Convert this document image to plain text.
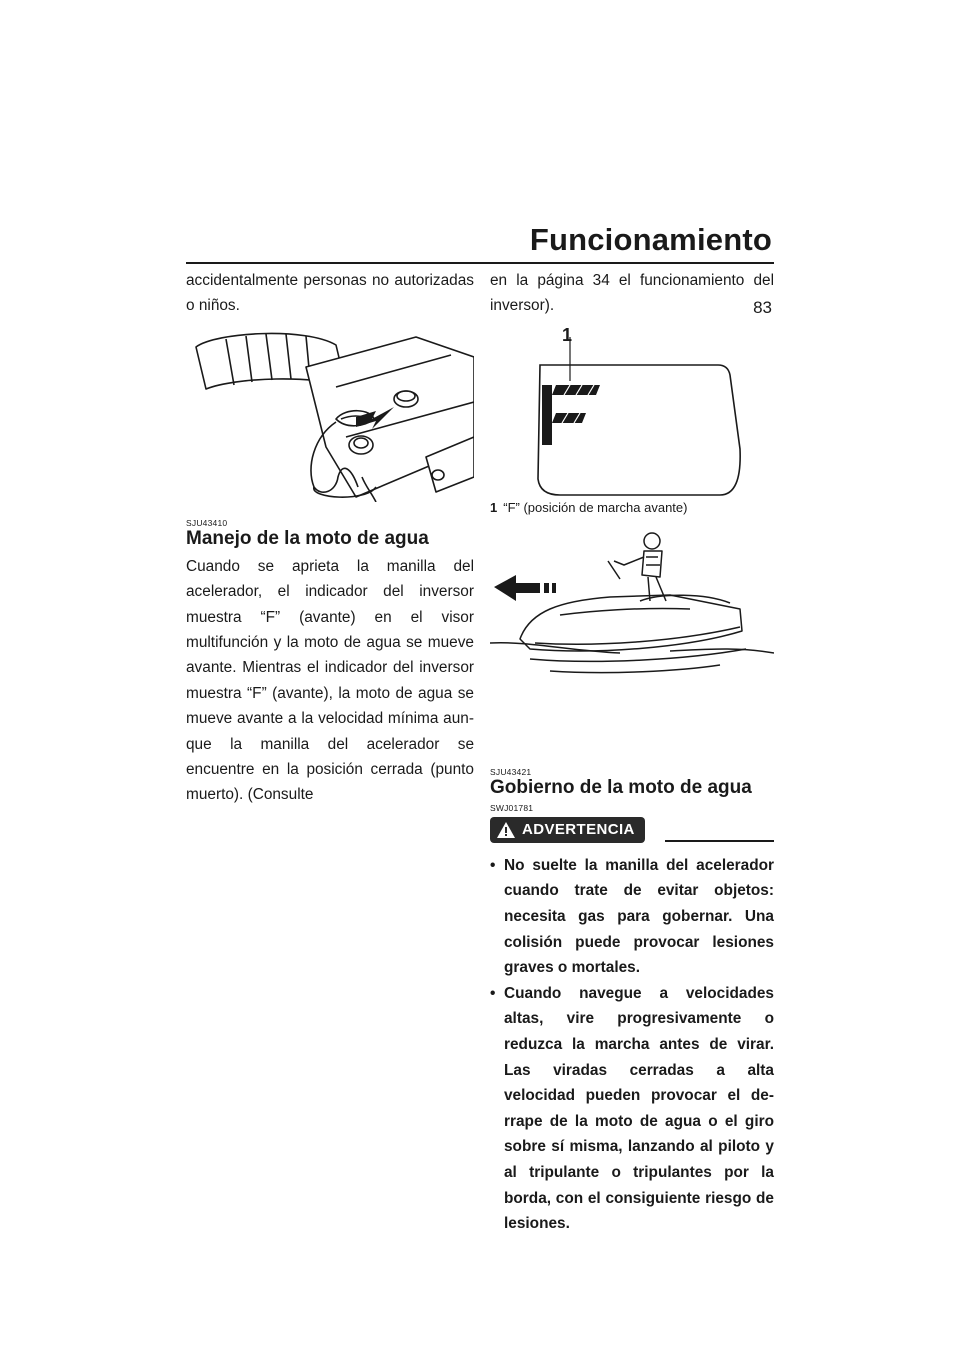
Funcionamiento
83

accidentalmente personas no autorizadas o niños.

SJU43410

Manejo de la moto de agua

Cuando se aprieta la manilla del acelerador, el indicador del inversor muestra “F” (avante) en el visor multifunción y la moto de agua se mueve avante. Mientras el indicador del inversor muestra “F” (avante), la moto de agua se mueve avante a la velocidad mínima aunque la manilla del acelerador se encuentre en la posición cerrada (punto muerto). (Consulte

en la página 34 el funcionamiento del inversor).

1

1 “F” (posición de marcha avante)

SJU43421

Gobierno de la moto de agua

SWJ01781

ADVERTENCIA
• No suelte la manilla del acelerador cuando trate de evitar objetos: necesita gas para gobernar. Una colisión puede provocar lesiones graves o mortales.
• Cuando navegue a velocidades altas, vire progresivamente o reduzca la marcha antes de virar. Las viradas cerradas a alta velocidad pueden provocar el derrape de la moto de agua o el giro sobre sí misma, lanzando al piloto y al tripulante o tripulantes por la borda, con el consiguiente riesgo de lesiones.
